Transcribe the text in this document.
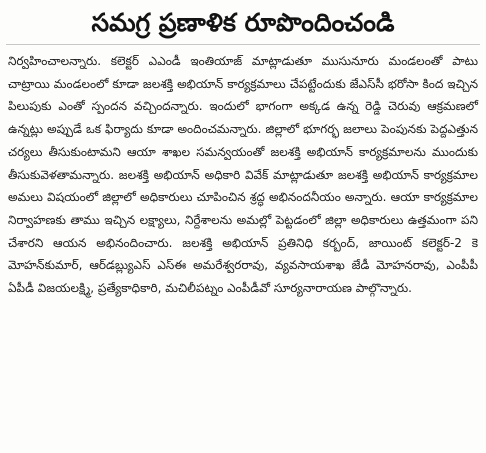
సమగ్ర ప్రణాళిక రూపొందించండి
నిర్వహించాలన్నారు. కలెక్టర్ ఎఎండీ ఇంతియాజ్ మాట్లాడుతూ ముసునూరు మండలంతో పాటు చాట్రాయి మండలంలో కూడా జలశక్తి అభియాన్ కార్యక్రమాలు చేపట్టేందుకు జేఎస్‌సీ భరోసా కింద ఇచ్చిన పిలుపుకు ఎంతో స్పందన వచ్చిందన్నారు. ఇందులో భాగంగా అక్కడ ఉన్న రెడ్డి చెరువు ఆక్రమణలో ఉన్నట్లు అప్పుడే ఒక ఫిర్యాదు కూడా అందించమన్నారు. జిల్లాలో భూగర్భ జలాలు పెంపునకు పెద్దఎత్తున చర్యలు తీసుకుంటామని ఆయా శాఖల సమన్వయంతో జలశక్తి అభియాన్ కార్యక్రమాలను ముందుకు తీసుకువెళతామన్నారు. జలశక్తి అభియాన్ అధికారి వివేక్ మాట్లాడుతూ జలశక్తి అభియాన్ కార్యక్రమాల అమలు విషయంలో జిల్లాలో అధికారులు చూపించిన శ్రద్ధ అభినందనీయం అన్నారు. ఆయా కార్యక్రమాల నిర్వాహణకు తాము ఇచ్చిన లక్ష్యాలు, నిర్దేశాలను అమల్లో పెట్టడంలో జిల్లా అధికారులు ఉత్తమంగా పని చేశారని ఆయన అభినందించారు. జలశక్తి అభియాన్ ప్రతినిధి కర్బంద్, జాయింట్ కలెక్టర్-2 కె మోహన్‌కుమార్, ఆర్‌డబ్ల్యుఎస్ ఎస్ఈ అమరేశ్వరరావు, వ్యవసాయశాఖ జేడీ మోహనరావు, ఎంపీపీ ఏపీడీ విజయలక్ష్మి, ప్రత్యేకాధికారి, మచిలీపట్నం ఎంపీడీవో సూర్యనారాయణ పాల్గొన్నారు.
